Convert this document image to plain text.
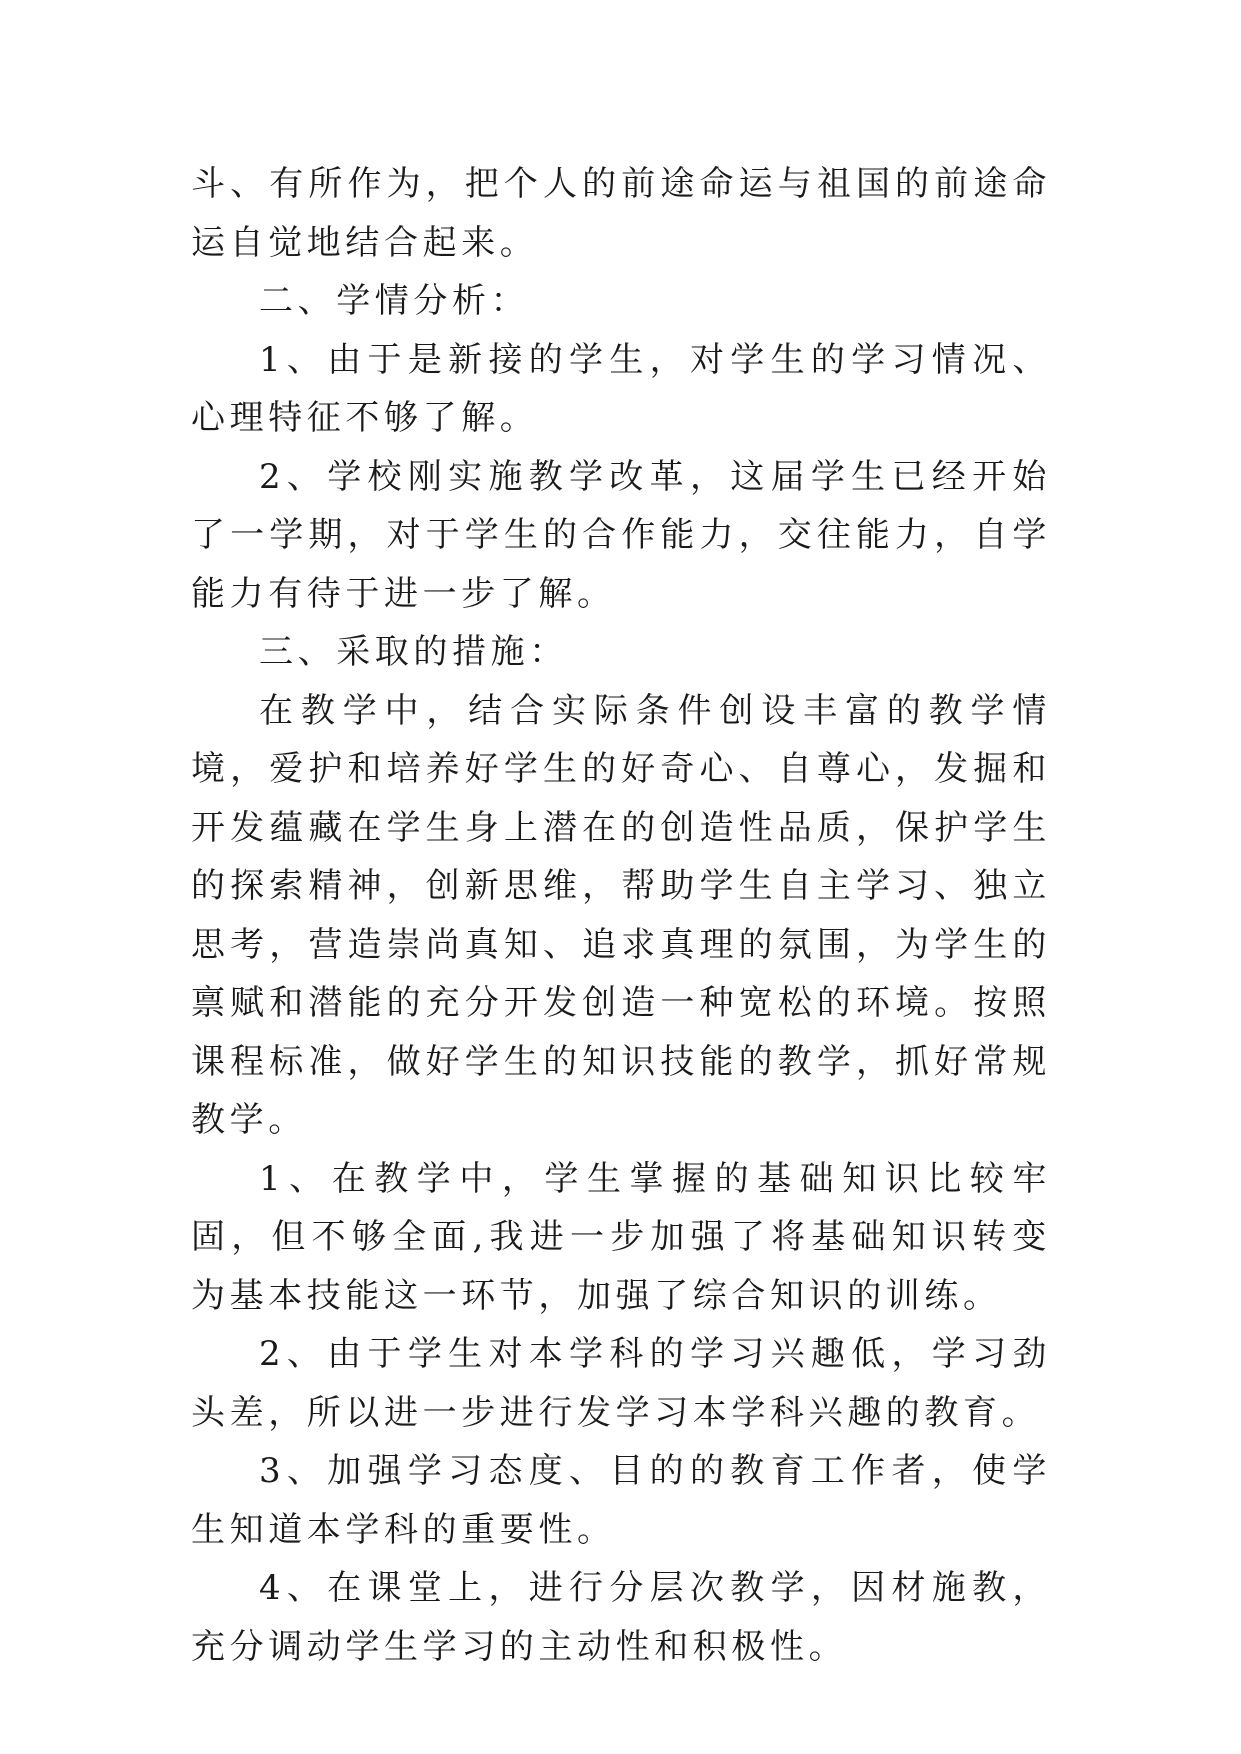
斗、有所作为，把个人的前途命运与祖国的前途命运自觉地结合起来。

二、学情分析：

1、由于是新接的学生，对学生的学习情况、心理特征不够了解。

2、学校刚实施教学改革，这届学生已经开始了一学期，对于学生的合作能力，交往能力，自学能力有待于进一步了解。

三、采取的措施：

在教学中，结合实际条件创设丰富的教学情境，爱护和培养好学生的好奇心、自尊心，发掘和开发蕴藏在学生身上潜在的创造性品质，保护学生的探索精神，创新思维，帮助学生自主学习、独立思考，营造崇尚真知、追求真理的氛围，为学生的禀赋和潜能的充分开发创造一种宽松的环境。按照课程标准，做好学生的知识技能的教学，抓好常规教学。

1、在教学中，学生掌握的基础知识比较牢固，但不够全面,我进一步加强了将基础知识转变为基本技能这一环节，加强了综合知识的训练。

2、由于学生对本学科的学习兴趣低，学习劲头差，所以进一步进行发学习本学科兴趣的教育。

3、加强学习态度、目的的教育工作者，使学生知道本学科的重要性。

4、在课堂上，进行分层次教学，因材施教，充分调动学生学习的主动性和积极性。
